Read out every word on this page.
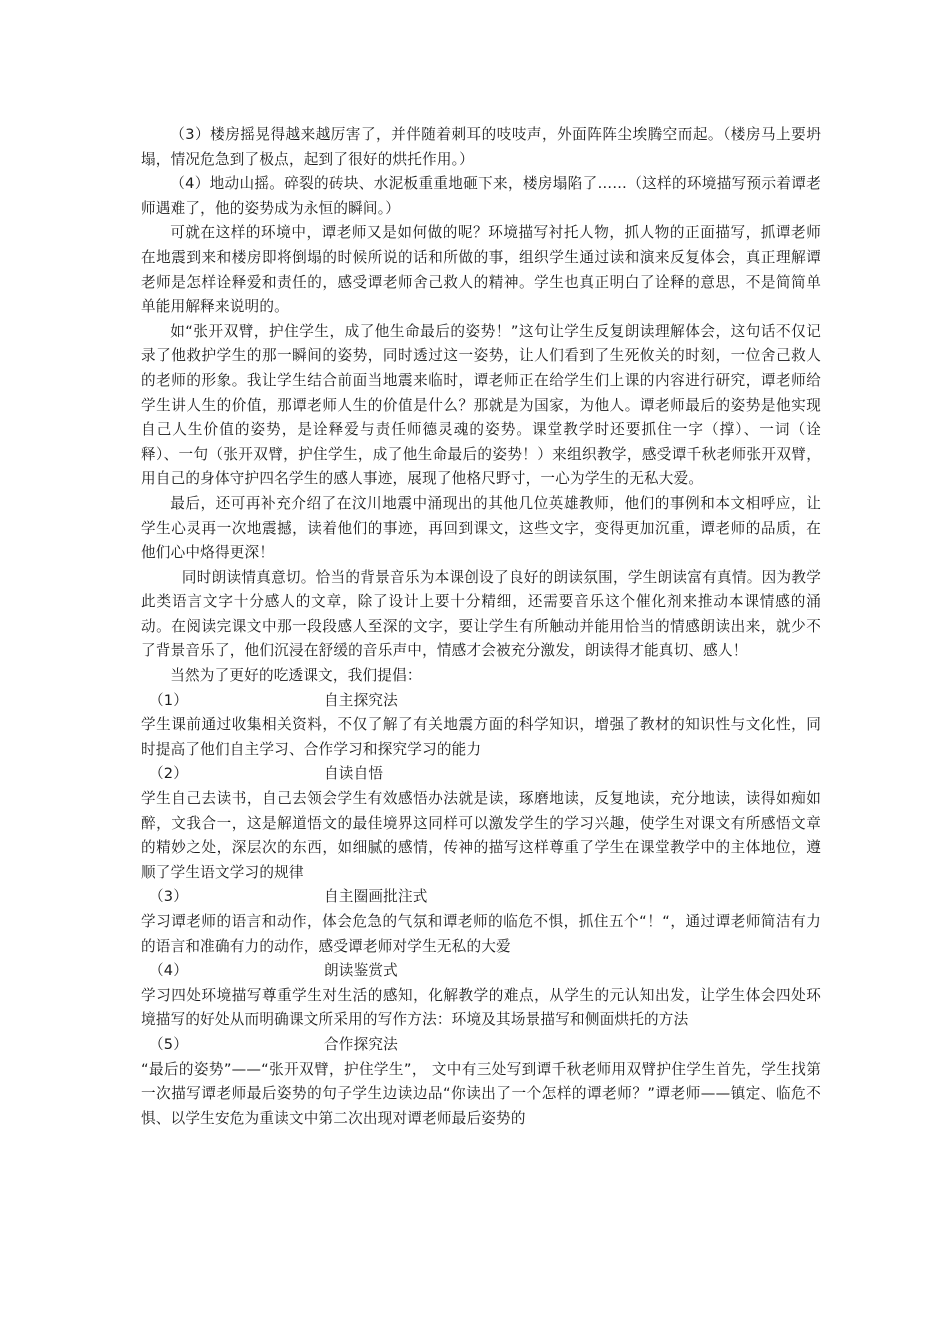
（3）楼房摇晃得越来越厉害了，并伴随着刺耳的吱吱声，外面阵阵尘埃腾空而起。（楼房马上要坍塌，情况危急到了极点，起到了很好的烘托作用。）

（4）地动山摇。碎裂的砖块、水泥板重重地砸下来，楼房塌陷了……（这样的环境描写预示着谭老师遇难了，他的姿势成为永恒的瞬间。）

可就在这样的环境中，谭老师又是如何做的呢？环境描写衬托人物，抓人物的正面描写，抓谭老师在地震到来和楼房即将倒塌的时候所说的话和所做的事，组织学生通过读和演来反复体会，真正理解谭老师是怎样诠释爱和责任的，感受谭老师舍己救人的精神。学生也真正明白了诠释的意思，不是简简单单能用解释来说明的。

如“张开双臂，护住学生，成了他生命最后的姿势！”这句让学生反复朗读理解体会，这句话不仅记录了他救护学生的那一瞬间的姿势，同时透过这一姿势，让人们看到了生死攸关的时刻，一位舍己救人的老师的形象。我让学生结合前面当地震来临时，谭老师正在给学生们上课的内容进行研究，谭老师给学生讲人生的价值，那谭老师人生的价值是什么？那就是为国家，为他人。谭老师最后的姿势是他实现自己人生价值的姿势，是诠释爱与责任师德灵魂的姿势。课堂教学时还要抓住一字（撑）、一词（诠释）、一句（张开双臂，护住学生，成了他生命最后的姿势！）来组织教学，感受谭千秋老师张开双臂，用自己的身体守护四名学生的感人事迹，展现了他格尺野寸，一心为学生的无私大爱。

最后，还可再补充介绍了在汶川地震中涌现出的其他几位英雄教师，他们的事例和本文相呼应，让学生心灵再一次地震撼，读着他们的事迹，再回到课文，这些文字，变得更加沉重，谭老师的品质，在他们心中烙得更深！

同时朗读情真意切。恰当的背景音乐为本课创设了良好的朗读氛围，学生朗读富有真情。因为教学此类语言文字十分感人的文章，除了设计上要十分精细，还需要音乐这个催化剂来推动本课情感的涌动。在阅读完课文中那一段段感人至深的文字，要让学生有所触动并能用恰当的情感朗读出来，就少不了背景音乐了，他们沉浸在舒缓的音乐声中，情感才会被充分激发，朗读得才能真切、感人！

当然为了更好的吃透课文，我们提倡：

（1）	自主探究法

学生课前通过收集相关资料，不仅了解了有关地震方面的科学知识，增强了教材的知识性与文化性，同时提高了他们自主学习、合作学习和探究学习的能力

（2）	自读自悟

学生自己去读书，自己去领会学生有效感悟办法就是读，琢磨地读，反复地读，充分地读，读得如痴如醉，文我合一，这是解道悟文的最佳境界这同样可以激发学生的学习兴趣，使学生对课文有所感悟文章的精妙之处，深层次的东西，如细腻的感情，传神的描写这样尊重了学生在课堂教学中的主体地位，遵顺了学生语文学习的规律

（3）	自主圈画批注式

学习谭老师的语言和动作，体会危急的气氛和谭老师的临危不惧，抓住五个“！“，通过谭老师简洁有力的语言和准确有力的动作，感受谭老师对学生无私的大爱

（4）	朗读鉴赏式

学习四处环境描写尊重学生对生活的感知，化解教学的难点，从学生的元认知出发，让学生体会四处环境描写的好处从而明确课文所采用的写作方法：环境及其场景描写和侧面烘托的方法

（5）	合作探究法

“最后的姿势”——“张开双臂，护住学生”， 文中有三处写到谭千秋老师用双臂护住学生首先，学生找第一次描写谭老师最后姿势的句子学生边读边品“你读出了一个怎样的谭老师？”谭老师——镇定、临危不惧、以学生安危为重读文中第二次出现对谭老师最后姿势的
